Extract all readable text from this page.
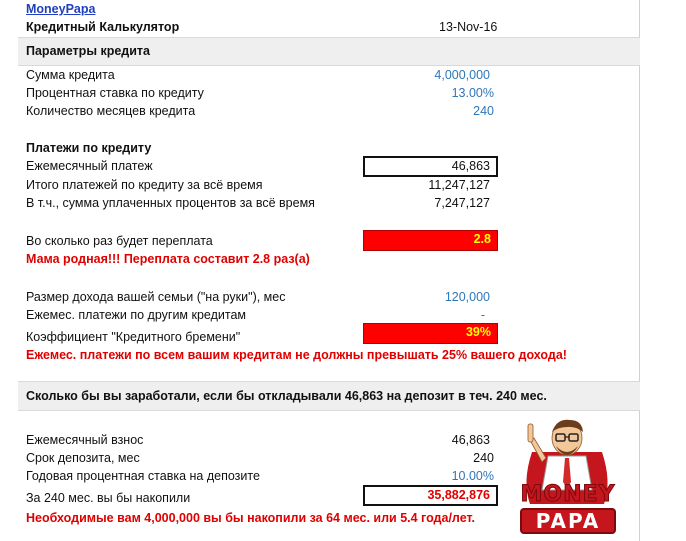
MoneyPapa
Кредитный Калькулятор	13-Nov-16
Параметры кредита
Сумма кредита	4,000,000
Процентная ставка по кредиту	13.00%
Количество месяцев кредита	240
Платежи по кредиту
Ежемесячный платеж	46,863
Итого платежей по кредиту за всё время	11,247,127
В т.ч., сумма уплаченных процентов за всё время	7,247,127
Во сколько раз будет переплата	2.8
Мама родная!!! Переплата составит 2.8 раз(а)
Размер дохода вашей семьи ("на руки"), мес	120,000
Ежемес. платежи по другим кредитам	-
Коэффициент "Кредитного бремени"	39%
Ежемес. платежи по всем вашим кредитам не должны превышать 25% вашего дохода!
Сколько бы вы заработали, если бы откладывали 46,863 на депозит в теч. 240 мес.
Ежемесячный взнос	46,863
Срок депозита, мес	240
Годовая процентная ставка на депозите	10.00%
За 240 мес. вы бы накопили	35,882,876
Необходимые вам 4,000,000 вы бы накопили за 64 мес. или 5.4 года/лет.
MONEY
PAPA
